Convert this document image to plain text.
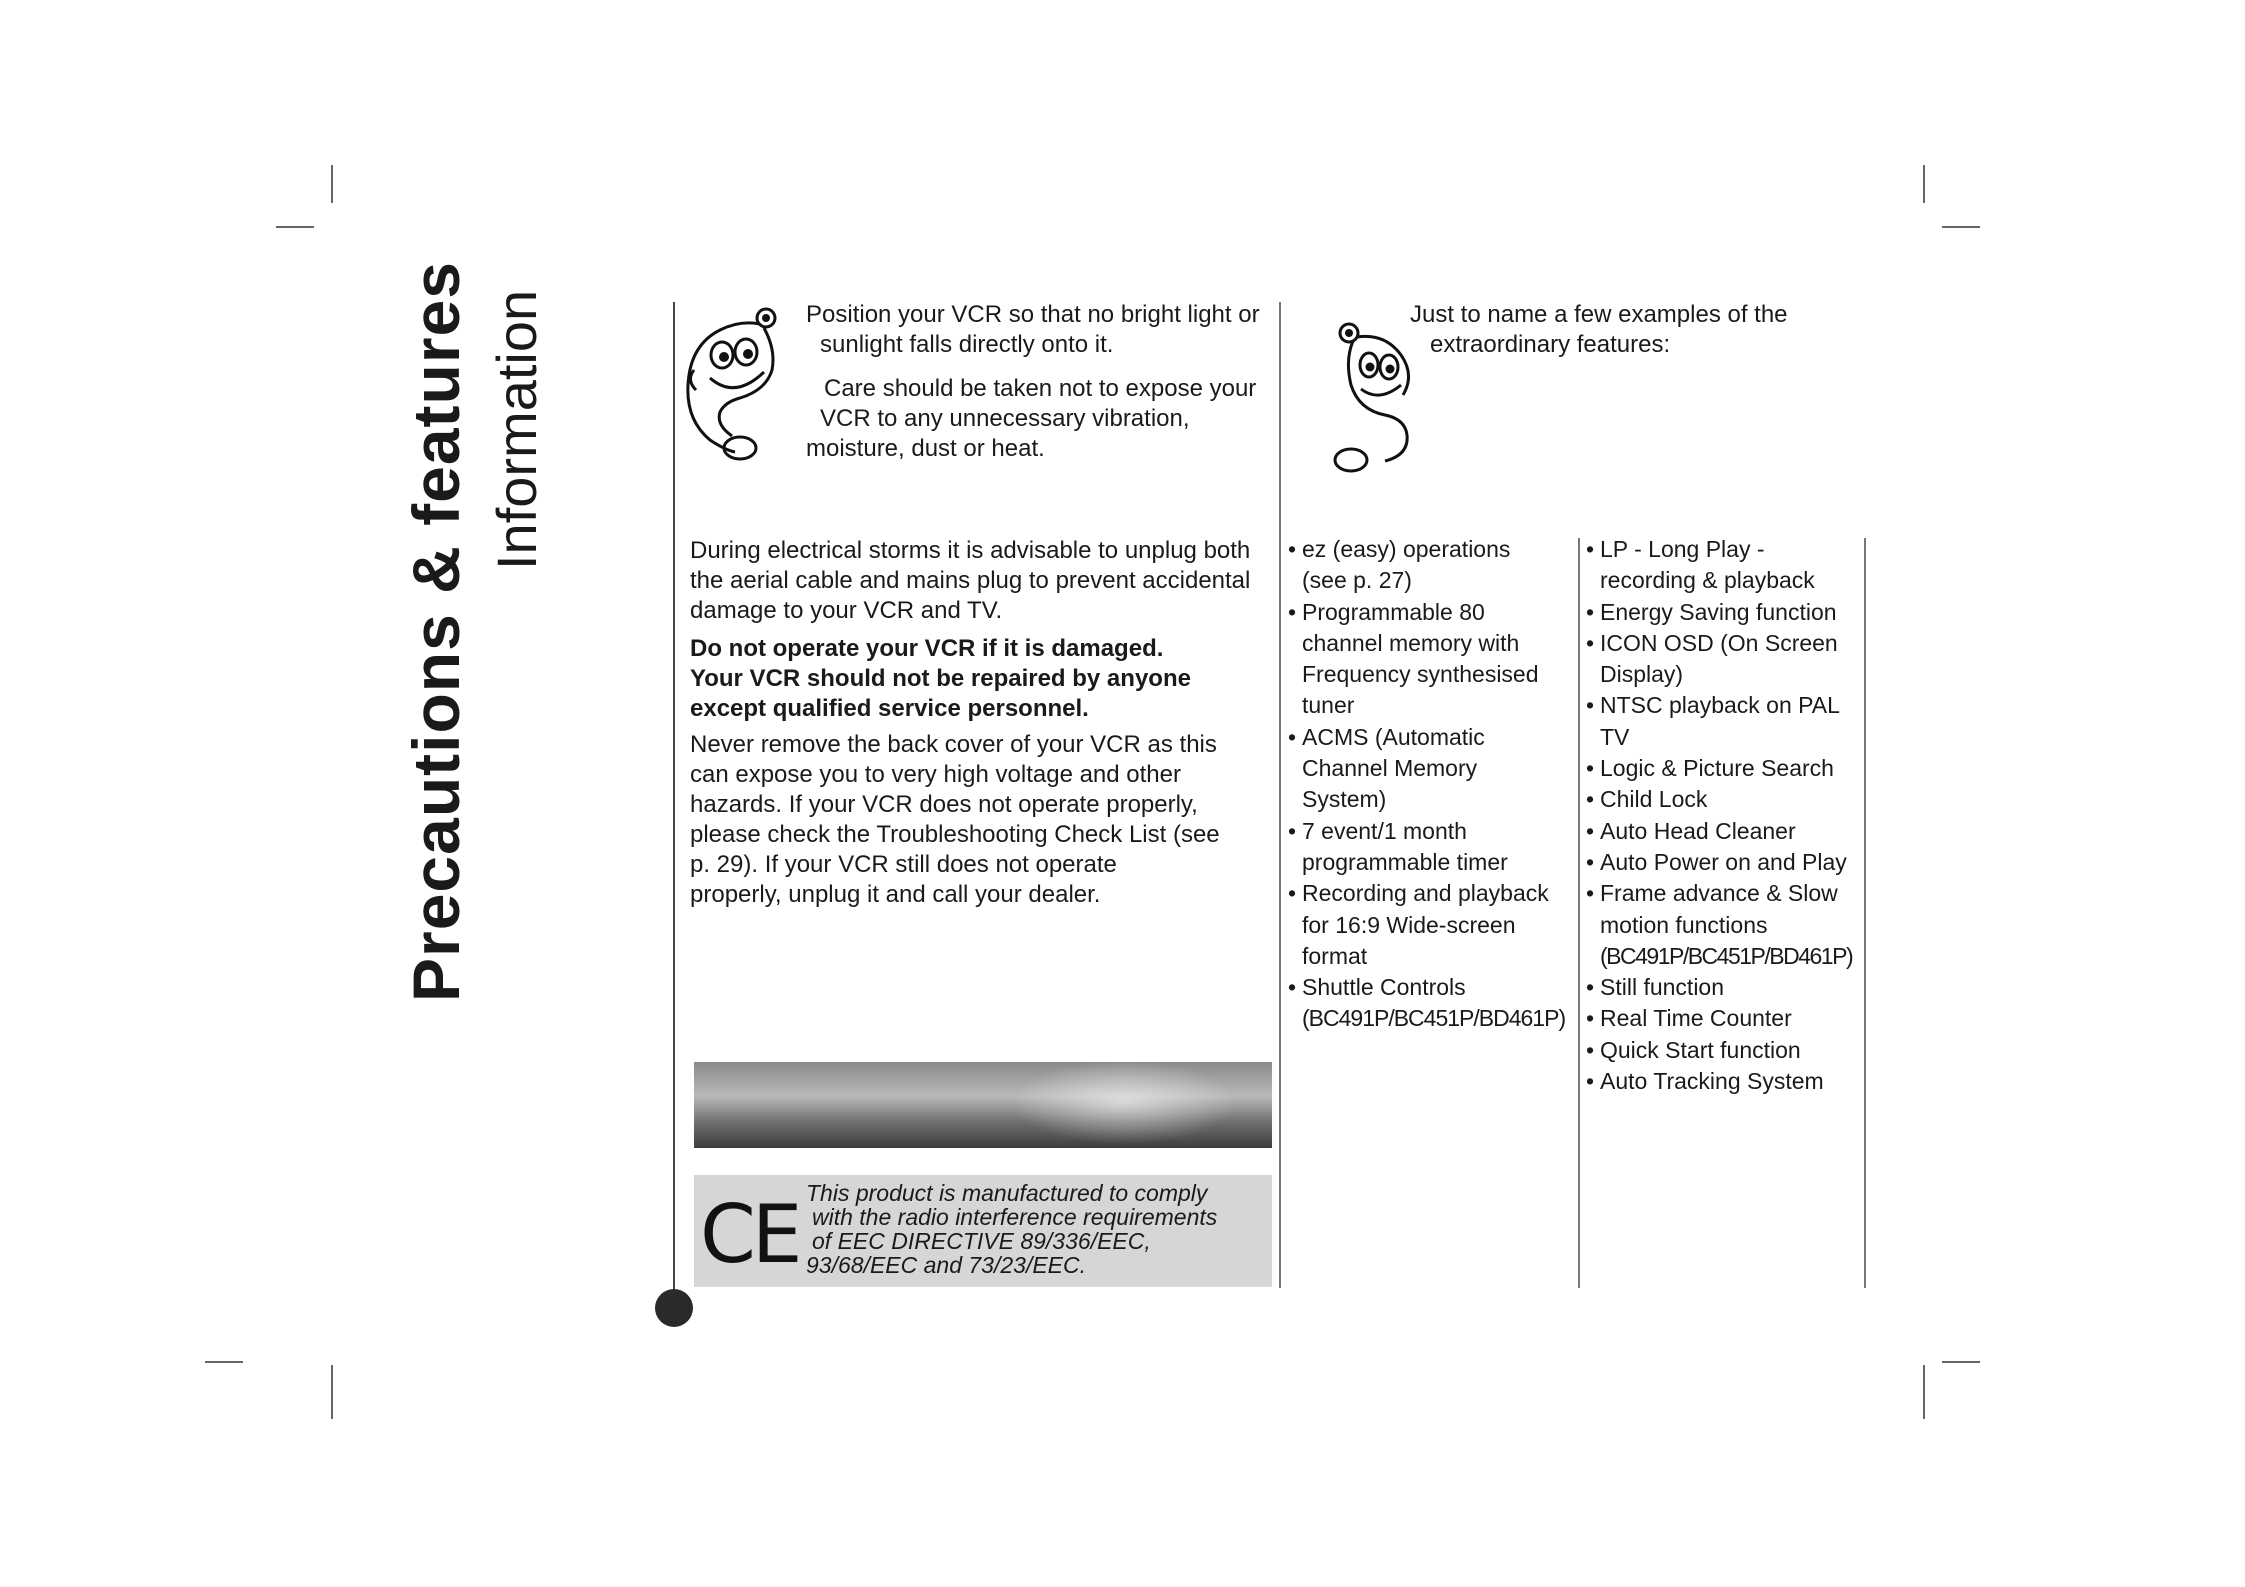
Precautions & features Information	Position your VCR so that no bright light or
sunlight falls directly onto it.
Care should be taken not to expose your
VCR to any unnecessary vibration,
moisture, dust or heat.
During electrical storms it is advisable to unplug both
the aerial cable and mains plug to prevent accidental
damage to your VCR and TV.
Do not operate your VCR if it is damaged.
Your VCR should not be repaired by anyone
except qualified service personnel.
Never remove the back cover of your VCR as this
can expose you to very high voltage and other
hazards. If your VCR does not operate properly,
please check the Troubleshooting Check List (see
p. 29). If your VCR still does not operate
properly, unplug it and call your dealer.
CE This product is manufactured to comply
with the radio interference requirements
of EEC DIRECTIVE 89/336/EEC,
93/68/EEC and 73/23/EEC.
Just to name a few examples of the
extraordinary features:
• ez (easy) operations
(see p. 27)
• Programmable 80
channel memory with
Frequency synthesised
tuner
• ACMS (Automatic
Channel Memory
System)
• 7 event/1 month
programmable timer
• Recording and playback
for 16:9 Wide-screen
format
• Shuttle Controls
(BC491P/BC451P/BD461P)
• LP - Long Play -
recording & playback
• Energy Saving function
• ICON OSD (On Screen
Display)
• NTSC playback on PAL
TV
• Logic & Picture Search
• Child Lock
• Auto Head Cleaner
• Auto Power on and Play
• Frame advance & Slow
motion functions
(BC491P/BC451P/BD461P)
• Still function
• Real Time Counter
• Quick Start function
• Auto Tracking System
